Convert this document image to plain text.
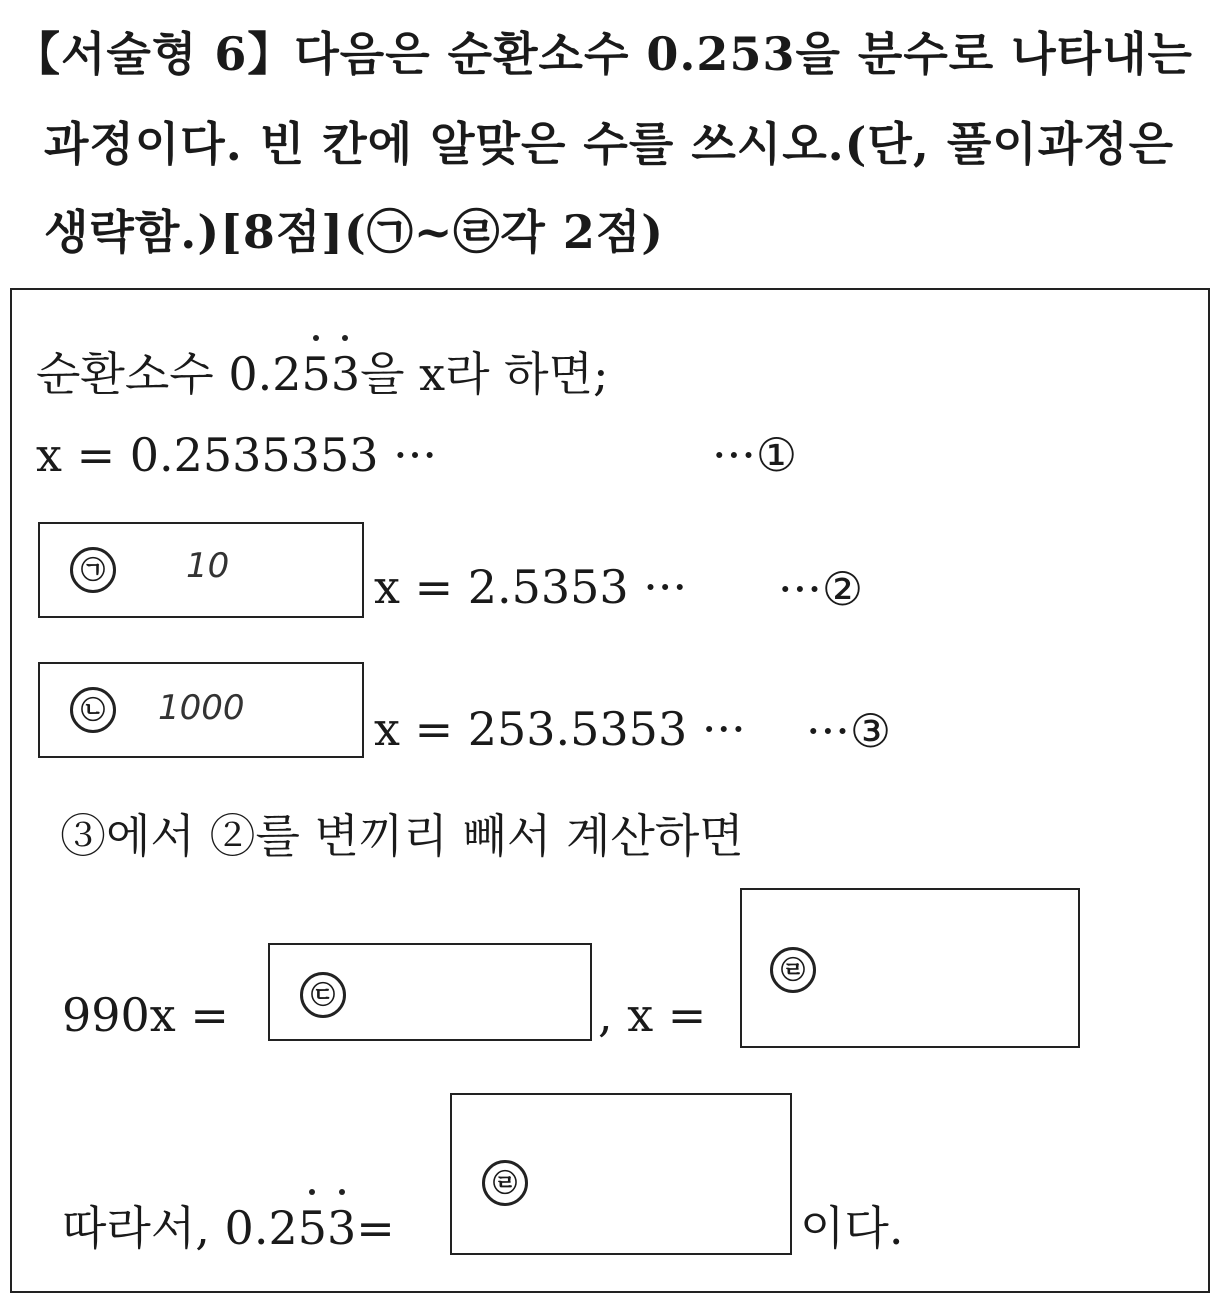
【서술형 6】다음은 순환소수 0.253을 분수로 나타내는
과정이다. 빈 칸에 알맞은 수를 쓰시오.(단, 풀이과정은
생략함.)[8점](㉠~㉣각 2점)
순환소수 0.253을 x라 하면;
x = 0.2535353 ···	···①
㉠	10	x = 2.5353 ··· ···②
㉡	1000	x = 253.5353 ··· ···③
③에서 ②를 변끼리 빼서 계산하면
990x =	㉢	, x =
㉣
따라서, 0.253=
㉣
이다.
